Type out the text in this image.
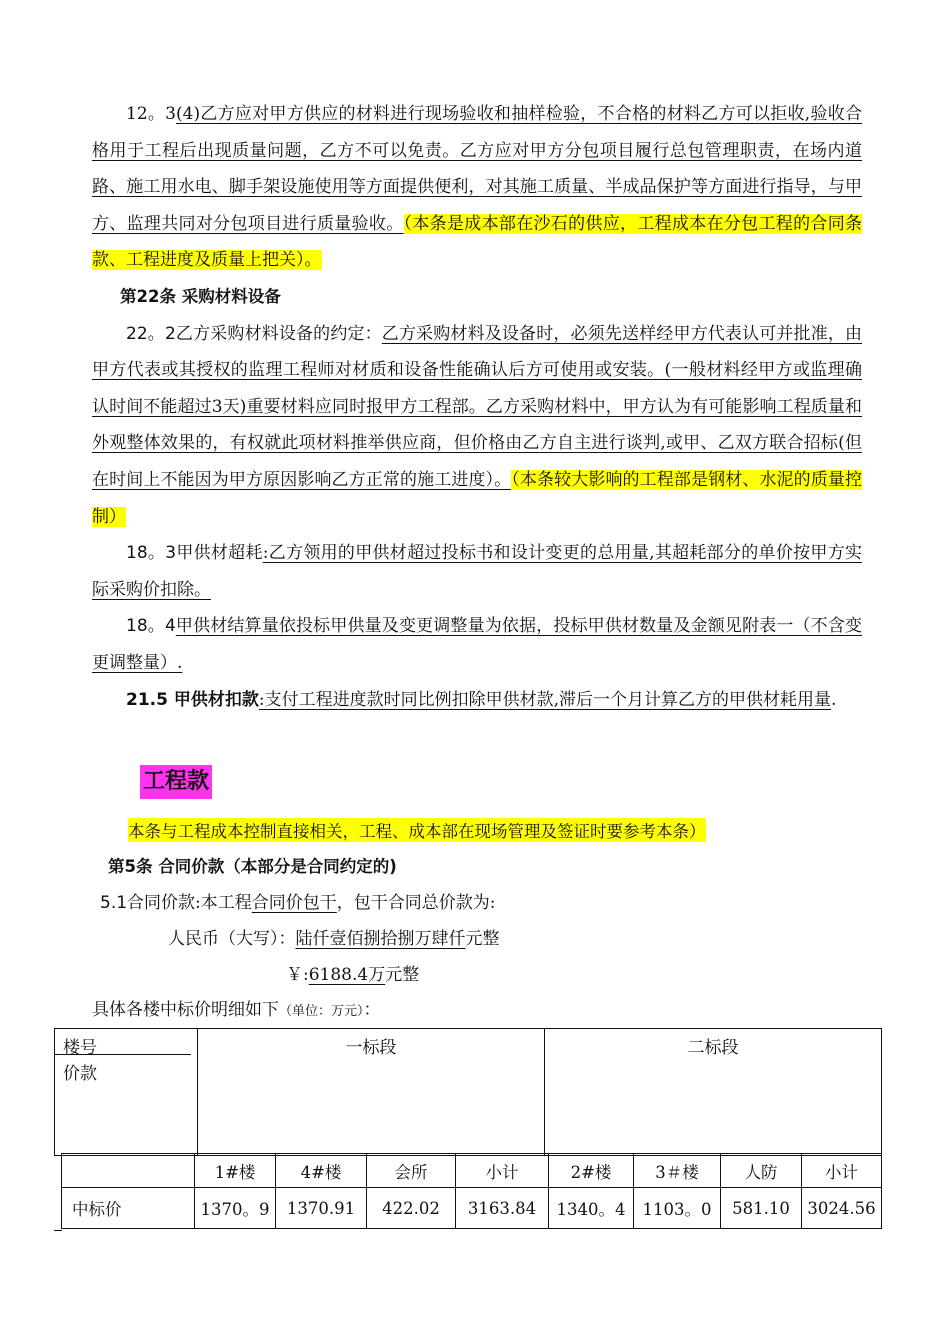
12。3(4)乙方应对甲方供应的材料进行现场验收和抽样检验，不合格的材料乙方可以拒收,验收合格用于工程后出现质量问题，乙方不可以免责。乙方应对甲方分包项目履行总包管理职责，在场内道路、施工用水电、脚手架设施使用等方面提供便利，对其施工质量、半成品保护等方面进行指导，与甲方、监理共同对分包项目进行质量验收。（本条是成本部在沙石的供应，工程成本在分包工程的合同条款、工程进度及质量上把关）。

第22条 采购材料设备

22。2乙方采购材料设备的约定：乙方采购材料及设备时，必须先送样经甲方代表认可并批准，由甲方代表或其授权的监理工程师对材质和设备性能确认后方可使用或安装。(一般材料经甲方或监理确认时间不能超过3天)重要材料应同时报甲方工程部。乙方采购材料中，甲方认为有可能影响工程质量和外观整体效果的，有权就此项材料推举供应商，但价格由乙方自主进行谈判,或甲、乙双方联合招标(但在时间上不能因为甲方原因影响乙方正常的施工进度）。（本条较大影响的工程部是钢材、水泥的质量控制）

18。3甲供材超耗:乙方领用的甲供材超过投标书和设计变更的总用量,其超耗部分的单价按甲方实际采购价扣除。

18。4甲供材结算量依投标甲供量及变更调整量为依据，投标甲供材数量及金额见附表一（不含变更调整量）.

21.5 甲供材扣款:支付工程进度款时同比例扣除甲供材款,滞后一个月计算乙方的甲供材耗用量.

工程款
本条与工程成本控制直接相关，工程、成本部在现场管理及签证时要参考本条）
第5条 合同价款（本部分是合同约定的)
5.1合同价款:本工程合同价包干，包干合同总价款为:
人民币（大写）：陆仟壹佰捌拾捌万肆仟元整
￥:6188.4万元整
具体各楼中标价明细如下（单位：万元）：
楼号
价款
	一标段	二标段
	1#楼	4#楼	会所	小计	2#楼	3＃楼	人防	小计
中标价	1370。9	1370.91	422.02	3163.84	1340。4	1103。0	581.10	3024.56
